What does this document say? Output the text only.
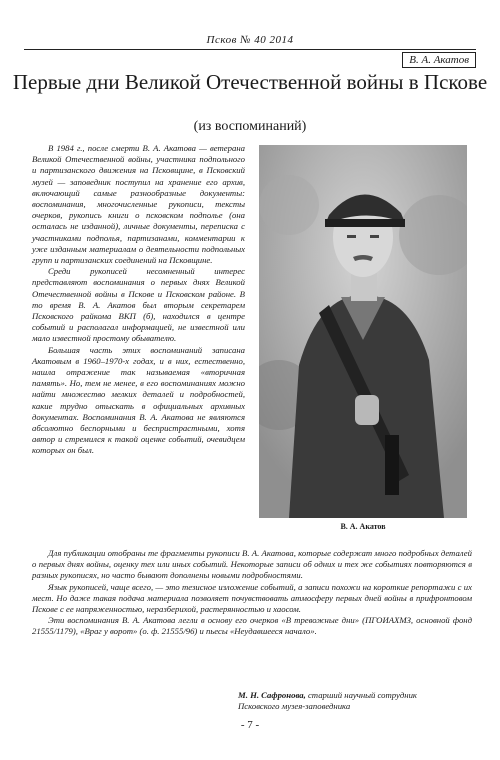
Псков № 40 2014
В. А. Акатов
Первые дни Великой Отечественной войны в Пскове
(из воспоминаний)

В 1984 г., после смерти В. А. Акатова — ветерана Великой Отечественной войны, участника подпольного и партизанского движения на Псковщине, в Псковский музей — заповедник поступил на хранение его архив, включающий самые разнообразные документы: воспоминания, многочисленные рукописи, тексты очерков, рукопись книги о псковском подполье (она осталась не изданной), личные документы, переписка с участниками подполья, партизанами, комментарии к уже изданным материалам о деятельности подпольных групп и партизанских соединений на Псковщине.

Среди рукописей несомненный интерес представляют воспоминания о первых днях Великой Отечественной войны в Пскове и Псковском районе. В то время В. А. Акатов был вторым секретарем Псковского райкома ВКП (б), находился в центре событий и располагал информацией, не известной или мало известной простому обывателю.

Большая часть этих воспоминаний записана Акатовым в 1960–1970-х годах, и в них, естественно, нашла отражение так называемая «вторичная память». Но, тем не менее, в его воспоминаниях можно найти множество мелких деталей и подробностей, какие трудно отыскать в официальных архивных документах. Воспоминания В. А. Акатова не являются абсолютно беспорными и беспристрастными, хотя автор и стремился к такой оценке событий, очевидцем которых он был.

В. А. Акатов

Для публикации отобраны те фрагменты рукописи В. А. Акатова, которые содержат много подробных деталей о первых днях войны, оценку тех или иных событий. Некоторые записи об одних и тех же событиях повторяются в разных рукописях, но часто бывают дополнены новыми подробностями.

Язык рукописей, чаще всего, — это тезисное изложение событий, а записи похожи на короткие репортажи с их мест. Но даже такая подача материала позволяет почувствовать атмосферу первых дней войны в прифронтовом Пскове с ее напряженностью, неразберихой, растерянностью и хаосом.

Эти воспоминания В. А. Акатова легли в основу его очерков «В тревожные дни» (ПГОИАХМЗ, основной фонд 21555/1179), «Враг у ворот» (о. ф. 21555/96) и пьесы «Неудавшееся начало».

М. Н. Сафронова, старший научный сотрудник
Псковского музея-заповедника
- 7 -
